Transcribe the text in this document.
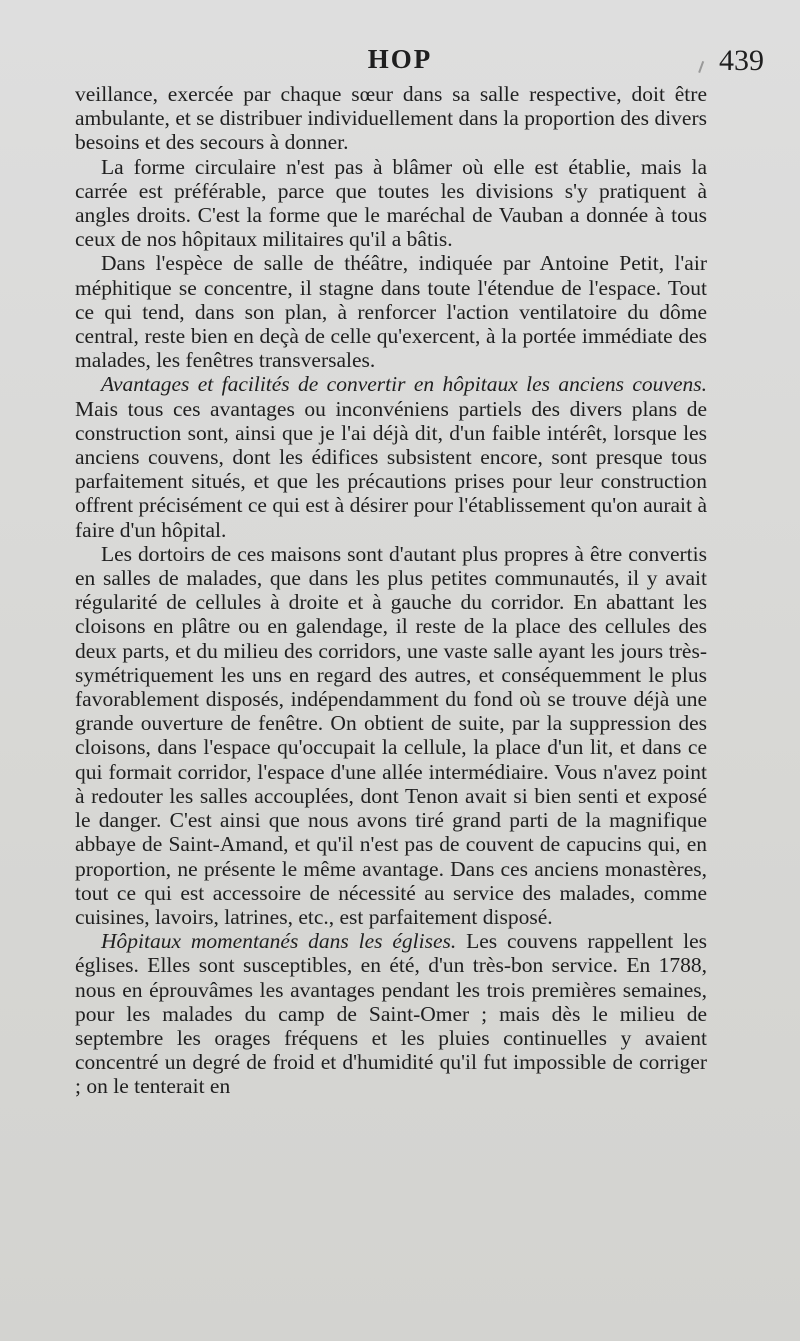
HOP	439

veillance, exercée par chaque sœur dans sa salle respective, doit être ambulante, et se distribuer individuellement dans la proportion des divers besoins et des secours à donner.

La forme circulaire n'est pas à blâmer où elle est établie, mais la carrée est préférable, parce que toutes les divisions s'y pratiquent à angles droits. C'est la forme que le maréchal de Vauban a donnée à tous ceux de nos hôpitaux militaires qu'il a bâtis.

Dans l'espèce de salle de théâtre, indiquée par Antoine Petit, l'air méphitique se concentre, il stagne dans toute l'étendue de l'espace. Tout ce qui tend, dans son plan, à renforcer l'action ventilatoire du dôme central, reste bien en deçà de celle qu'exercent, à la portée immédiate des malades, les fenêtres transversales.

Avantages et facilités de convertir en hôpitaux les anciens couvens. Mais tous ces avantages ou inconvéniens partiels des divers plans de construction sont, ainsi que je l'ai déjà dit, d'un faible intérêt, lorsque les anciens couvens, dont les édifices subsistent encore, sont presque tous parfaitement situés, et que les précautions prises pour leur construction offrent précisément ce qui est à désirer pour l'établissement qu'on aurait à faire d'un hôpital.

Les dortoirs de ces maisons sont d'autant plus propres à être convertis en salles de malades, que dans les plus petites communautés, il y avait régularité de cellules à droite et à gauche du corridor. En abattant les cloisons en plâtre ou en galendage, il reste de la place des cellules des deux parts, et du milieu des corridors, une vaste salle ayant les jours très-symétriquement les uns en regard des autres, et conséquemment le plus favorablement disposés, indépendamment du fond où se trouve déjà une grande ouverture de fenêtre. On obtient de suite, par la suppression des cloisons, dans l'espace qu'occupait la cellule, la place d'un lit, et dans ce qui formait corridor, l'espace d'une allée intermédiaire. Vous n'avez point à redouter les salles accouplées, dont Tenon avait si bien senti et exposé le danger. C'est ainsi que nous avons tiré grand parti de la magnifique abbaye de Saint-Amand, et qu'il n'est pas de couvent de capucins qui, en proportion, ne présente le même avantage. Dans ces anciens monastères, tout ce qui est accessoire de nécessité au service des malades, comme cuisines, lavoirs, latrines, etc., est parfaitement disposé.

Hôpitaux momentanés dans les églises. Les couvens rappellent les églises. Elles sont susceptibles, en été, d'un très-bon service. En 1788, nous en éprouvâmes les avantages pendant les trois premières semaines, pour les malades du camp de Saint-Omer ; mais dès le milieu de septembre les orages fréquens et les pluies continuelles y avaient concentré un degré de froid et d'humidité qu'il fut impossible de corriger ; on le tenterait en
